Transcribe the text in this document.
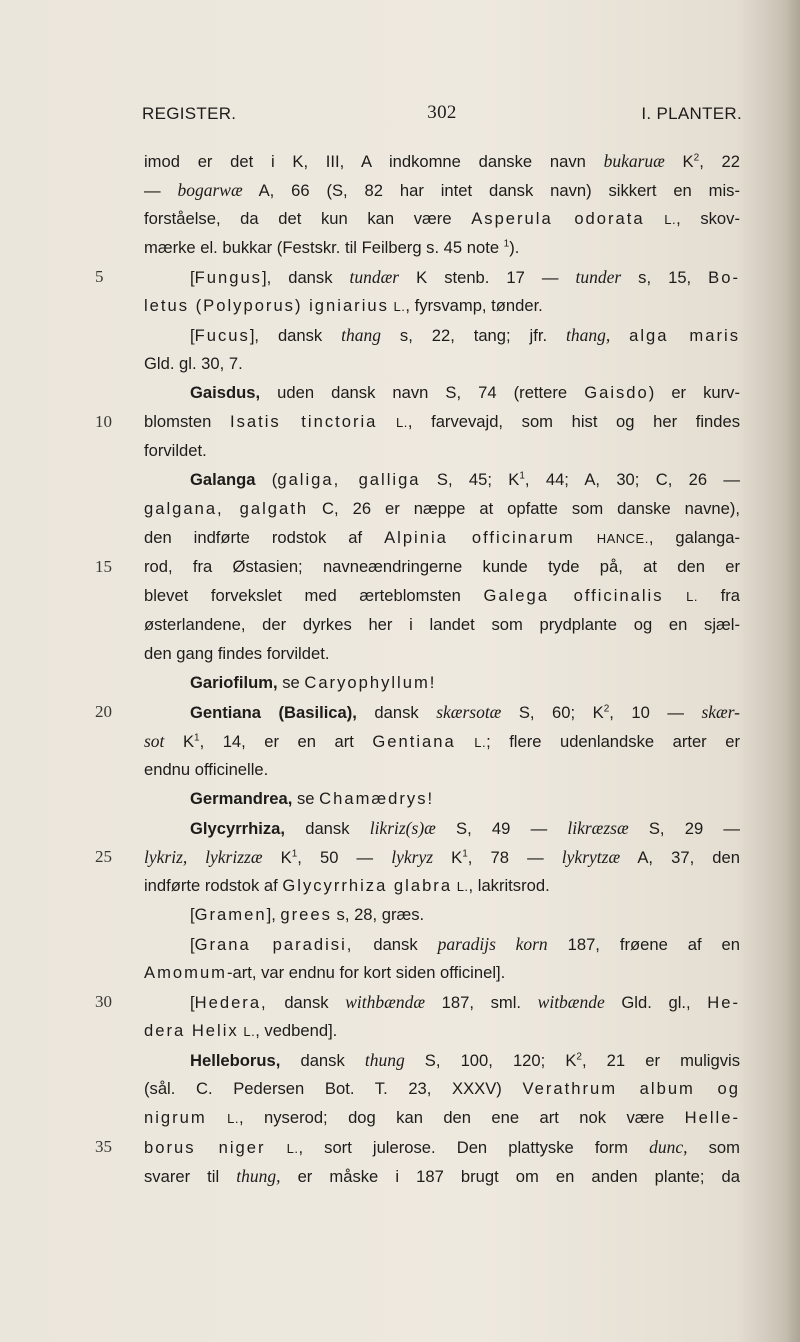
REGISTER.	302	I. PLANTER.
imod er det i K, III, A indkomne danske navn bukaruæ $K^2$, 22
— bogarwæ A, 66 (S, 82 har intet dansk navn) sikkert en mis-
forståelse, da det kun kan være Asperula odorata L., skov-
mærke el. bukkar (Festskr. til Feilberg s. 45 note $^1$).
5	[Fungus], dansk tundær K stenb. 17 — tunder s, 15, Bo-
letus (Polyporus) igniarius L., fyrsvamp, tønder.
[Fucus], dansk thang s, 22, tang; jfr. thang, alga maris
Gld. gl. 30, 7.
Gaisdus, uden dansk navn S, 74 (rettere Gaisdo) er kurv-
10	blomsten Isatis tinctoria L., farvevajd, som hist og her findes
forvildet.
Galanga (galiga, galliga S, 45; $K^1$, 44; A, 30; C, 26 —
galgana, galgath C, 26 er næppe at opfatte som danske navne),
den indførte rodstok af Alpinia officinarum HANCE., galanga-
15	rod, fra Østasien; navneændringerne kunde tyde på, at den er
blevet forvekslet med ærteblomsten Galega officinalis L. fra
østerlandene, der dyrkes her i landet som prydplante og en sjæl-
den gang findes forvildet.
Gariofilum, se Caryophyllum!
20	Gentiana (Basilica), dansk skærsotæ S, 60; $K^2$, 10 — skær-
sot $K^1$, 14, er en art Gentiana L.; flere udenlandske arter er
endnu officinelle.
Germandrea, se Chamædrys!
Glycyrrhiza, dansk likriz(s)æ S, 49 — likræzsæ S, 29 —
25	lykriz, lykrizzæ $K^1$, 50 — lykryz $K^1$, 78 — lykrytzæ A, 37, den
indførte rodstok af Glycyrrhiza glabra L., lakritsrod.
[Gramen], grees s, 28, græs.
[Grana paradisi, dansk paradijs korn 187, frøene af en
Amomum-art, var endnu for kort siden officinel].
30	[Hedera, dansk withbændæ 187, sml. witbænde Gld. gl., He-
dera Helix L., vedbend].
Helleborus, dansk thung S, 100, 120; $K^2$, 21 er muligvis
(sål. C. Pedersen Bot. T. 23, XXXV) Verathrum album og
nigrum L., nyserod; dog kan den ene art nok være Helle-
35	borus niger L., sort julerose. Den plattyske form dunc, som
svarer til thung, er måske i 187 brugt om en anden plante; da
